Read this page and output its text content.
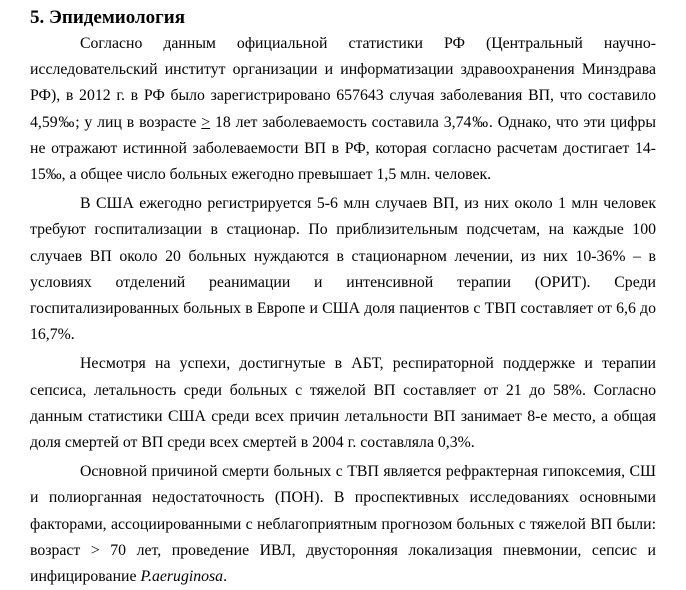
5. Эпидемиология

Согласно данным официальной статистики РФ (Центральный научно-исследовательский институт организации и информатизации здравоохранения Минздрава РФ), в 2012 г. в РФ было зарегистрировано 657643 случая заболевания ВП, что составило 4,59‰; у лиц в возрасте ≥ 18 лет заболеваемость составила 3,74‰. Однако, что эти цифры не отражают истинной заболеваемости ВП в РФ, которая согласно расчетам достигает 14-15‰, а общее число больных ежегодно превышает 1,5 млн. человек.

В США ежегодно регистрируется 5-6 млн случаев ВП, из них около 1 млн человек требуют госпитализации в стационар. По приблизительным подсчетам, на каждые 100 случаев ВП около 20 больных нуждаются в стационарном лечении, из них 10-36% – в условиях отделений реанимации и интенсивной терапии (ОРИТ). Среди госпитализированных больных в Европе и США доля пациентов с ТВП составляет от 6,6 до 16,7%.

Несмотря на успехи, достигнутые в АБТ, респираторной поддержке и терапии сепсиса, летальность среди больных с тяжелой ВП составляет от 21 до 58%. Согласно данным статистики США среди всех причин летальности ВП занимает 8-е место, а общая доля смертей от ВП среди всех смертей в 2004 г. составляла 0,3%.

Основной причиной смерти больных с ТВП является рефрактерная гипоксемия, СШ и полиорганная недостаточность (ПОН). В проспективных исследованиях основными факторами, ассоциированными с неблагоприятным прогнозом больных с тяжелой ВП были: возраст > 70 лет, проведение ИВЛ, двусторонняя локализация пневмонии, сепсис и инфицирование P.aeruginosa.
